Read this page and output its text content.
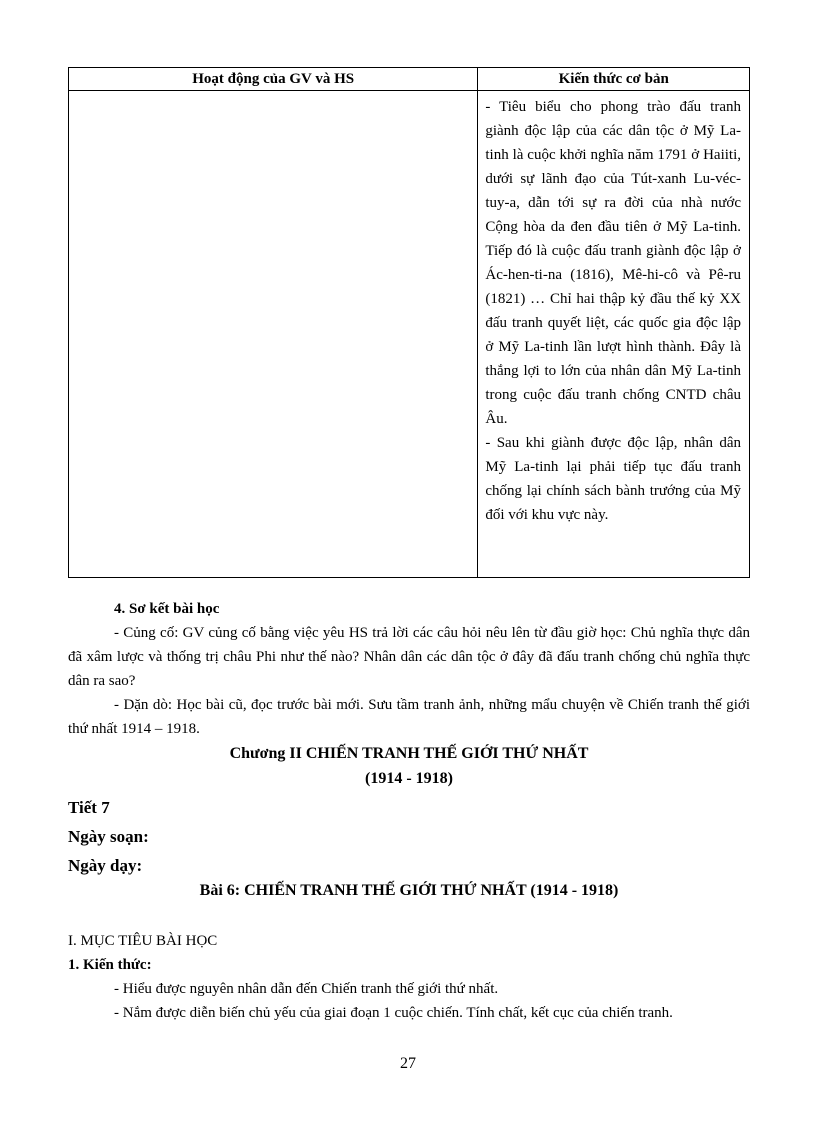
Hoạt động của GV và HS	Kiến thức cơ bản

	- Tiêu biểu cho phong trào đấu tranh giành độc lập của các dân tộc ở Mỹ La-tinh là cuộc khởi nghĩa năm 1791 ở Haiiti, dưới sự lãnh đạo của Tút-xanh Lu-véc-tuy-a, dẫn tới sự ra đời của nhà nước Cộng hòa da đen đầu tiên ở Mỹ La-tinh. Tiếp đó là cuộc đấu tranh giành độc lập ở Ác-hen-ti-na (1816), Mê-hi-cô và Pê-ru (1821) … Chỉ hai thập kỷ đầu thế kỷ XX đấu tranh quyết liệt, các quốc gia độc lập ở Mỹ La-tinh lần lượt hình thành. Đây là thắng lợi to lớn của nhân dân Mỹ La-tinh trong cuộc đấu tranh chống CNTD châu Âu.

- Sau khi giành được độc lập, nhân dân Mỹ La-tinh lại phải tiếp tục đấu tranh chống lại chính sách bành trướng của Mỹ đối với khu vực này.

4. Sơ kết bài học

- Củng cố: GV củng cố bằng việc yêu HS trả lời các câu hỏi nêu lên từ đầu giờ học: Chủ nghĩa thực dân đã xâm lược và thống trị châu Phi như thế nào? Nhân dân các dân tộc ở đây đã đấu tranh chống chủ nghĩa thực dân ra sao?

- Dặn dò: Học bài cũ, đọc trước bài mới. Sưu tầm tranh ảnh, những mẩu chuyện về Chiến tranh thế giới thứ nhất 1914 – 1918.

Chương II CHIẾN TRANH THẾ GIỚI THỨ NHẤT

(1914 - 1918)

Tiết 7

Ngày soạn:

Ngày dạy:

Bài 6: CHIẾN TRANH THẾ GIỚI THỨ NHẤT (1914 - 1918)

I. MỤC TIÊU BÀI HỌC

1. Kiến thức:

- Hiểu được nguyên nhân dẫn đến Chiến tranh thế giới thứ nhất.

- Nắm được diễn biến chủ yếu của giai đoạn 1 cuộc chiến. Tính chất, kết cục của chiến tranh.

27
